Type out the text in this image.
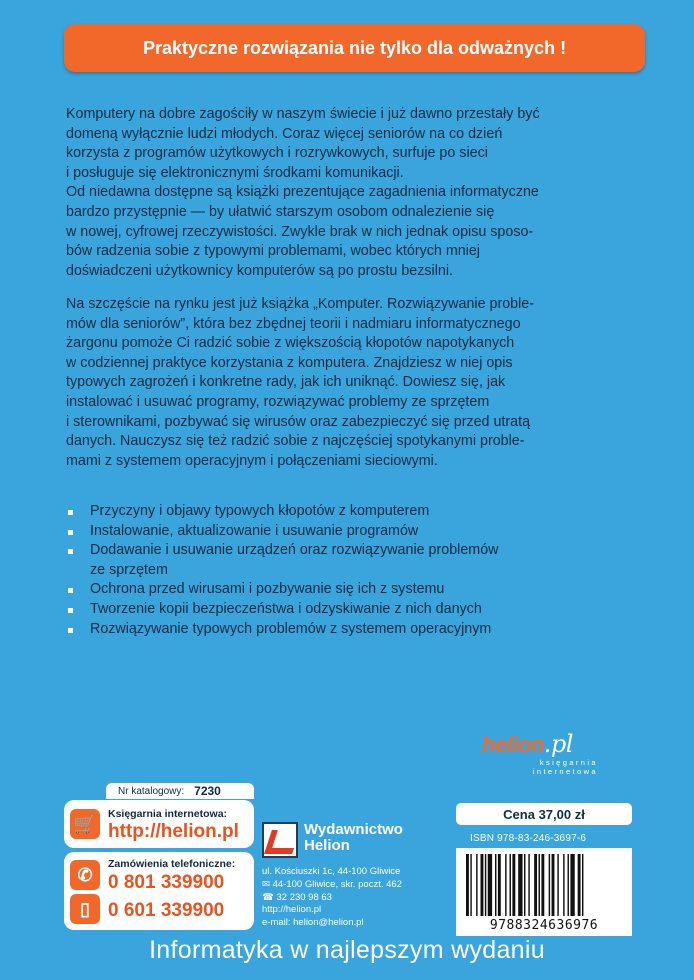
Praktyczne rozwiązania nie tylko dla odważnych !
Komputery na dobre zagościły w naszym świecie i już dawno przestały być
domeną wyłącznie ludzi młodych. Coraz więcej seniorów na co dzień
korzysta z programów użytkowych i rozrywkowych, surfuje po sieci
i posługuje się elektronicznymi środkami komunikacji.
Od niedawna dostępne są książki prezentujące zagadnienia informatyczne
bardzo przystępnie — by ułatwić starszym osobom odnalezienie się
w nowej, cyfrowej rzeczywistości. Zwykle brak w nich jednak opisu sposo-
bów radzenia sobie z typowymi problemami, wobec których mniej
doświadczeni użytkownicy komputerów są po prostu bezsilni.
Na szczęście na rynku jest już książka „Komputer. Rozwiązywanie proble-
mów dla seniorów”, która bez zbędnej teorii i nadmiaru informatycznego
żargonu pomoże Ci radzić sobie z większością kłopotów napotykanych
w codziennej praktyce korzystania z komputera. Znajdziesz w niej opis
typowych zagrożeń i konkretne rady, jak ich uniknąć. Dowiesz się, jak
instalować i usuwać programy, rozwiązywać problemy ze sprzętem
i sterownikami, pozbywać się wirusów oraz zabezpieczyć się przed utratą
danych. Nauczysz się też radzić sobie z najczęściej spotykanymi proble-
mami z systemem operacyjnym i połączeniami sieciowymi.
Przyczyny i objawy typowych kłopotów z komputerem
Instalowanie, aktualizowanie i usuwanie programów
Dodawanie i usuwanie urządzeń oraz rozwiązywanie problemów
ze sprzętem
Ochrona przed wirusami i pozbywanie się ich z systemu
Tworzenie kopii bezpieczeństwa i odzyskiwanie z nich danych
Rozwiązywanie typowych problemów z systemem operacyjnym
helion.pl
księgarnia
internetowa
Nr katalogowy: 7230
🛒	Księgarnia internetowa:
http://helion.pl
✆
▯
Zamówienia telefoniczne:
0 801 339900
0 601 339900
Wydawnictwo
Helion
ul. Kościuszki 1c, 44-100 Gliwice
✉ 44-100 Gliwice, skr. poczt. 462
☎ 32 230 98 63
http://helion.pl
e-mail: helion@helion.pl
Cena 37,00 zł
ISBN 978-83-246-3697-6
9788324636976
Informatyka w najlepszym wydaniu
